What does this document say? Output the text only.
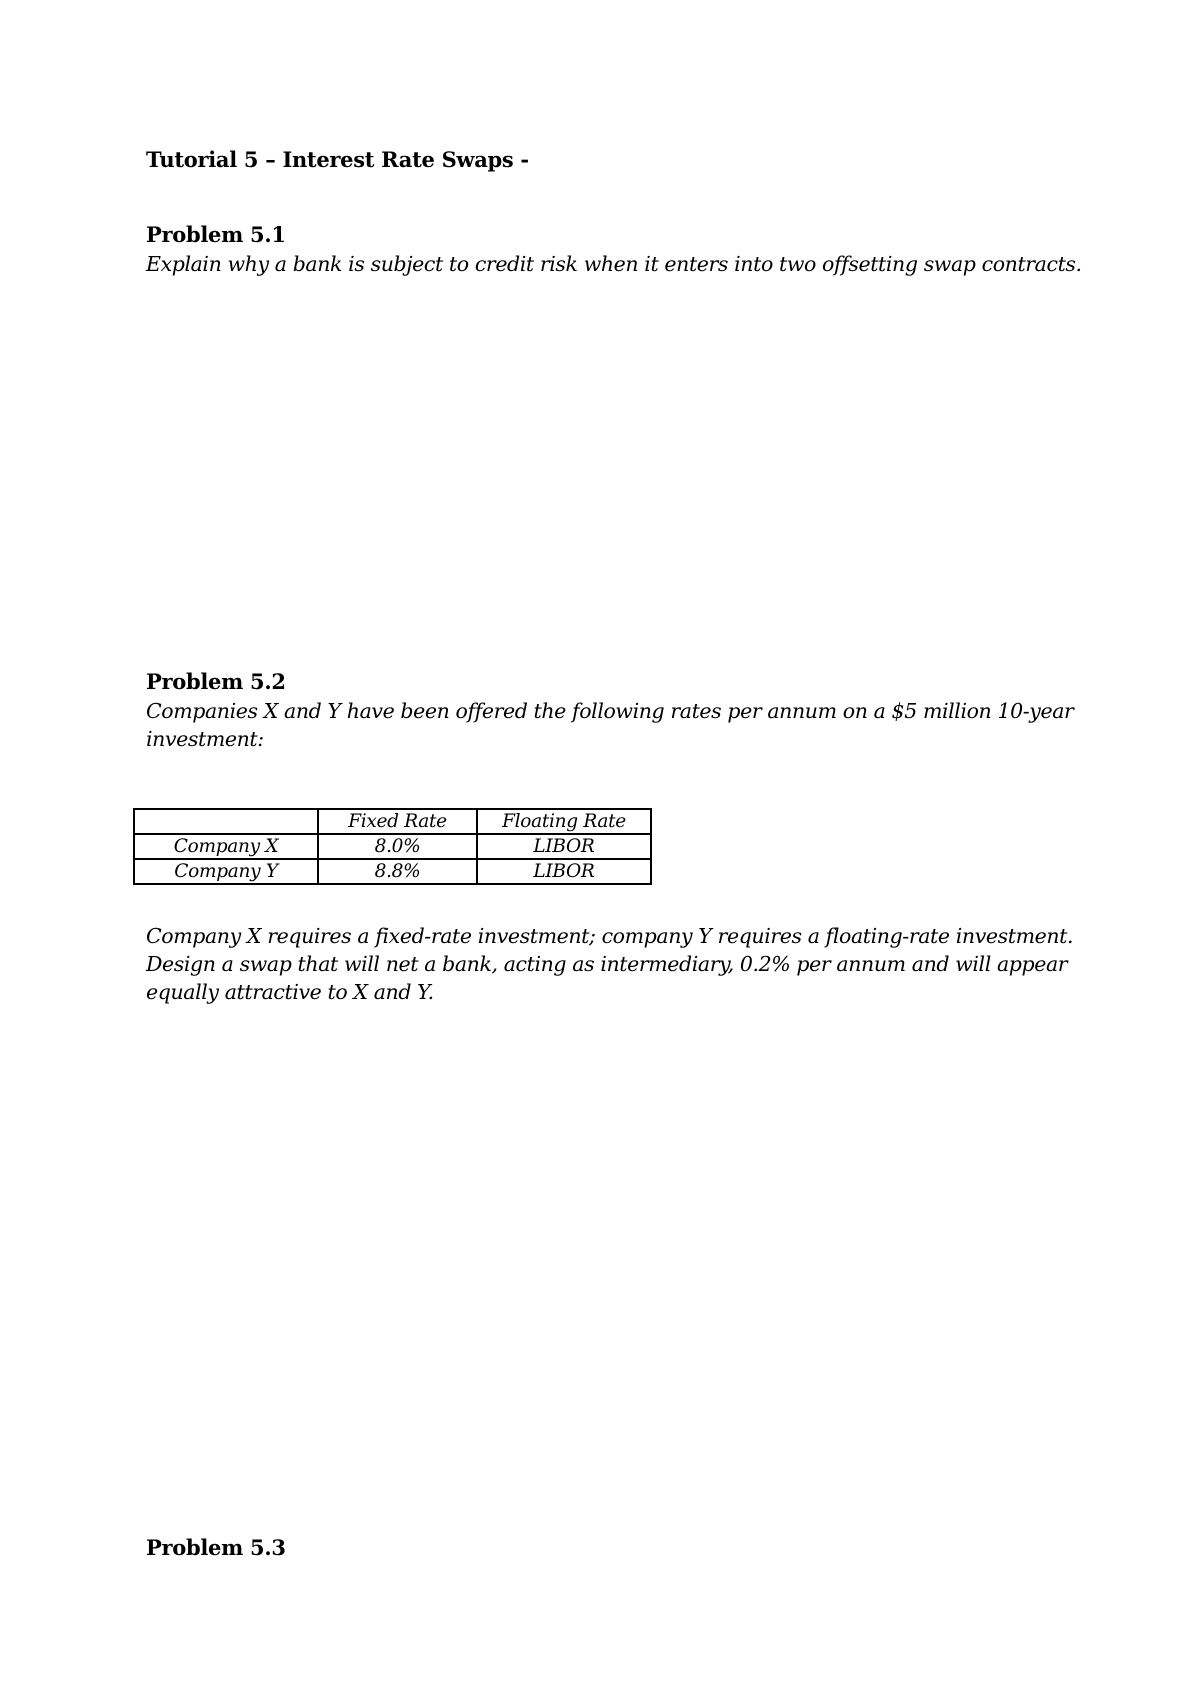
Tutorial 5 – Interest Rate Swaps -
Problem 5.1

Explain why a bank is subject to credit risk when it enters into two offsetting swap contracts.

Problem 5.2

Companies X and Y have been offered the following rates per annum on a $5 million 10-year
investment:

	Fixed Rate	Floating Rate
Company X	8.0%	LIBOR
Company Y	8.8%	LIBOR

Company X requires a fixed-rate investment; company Y requires a floating-rate investment.
Design a swap that will net a bank, acting as intermediary, 0.2% per annum and will appear
equally attractive to X and Y.

Problem 5.3
